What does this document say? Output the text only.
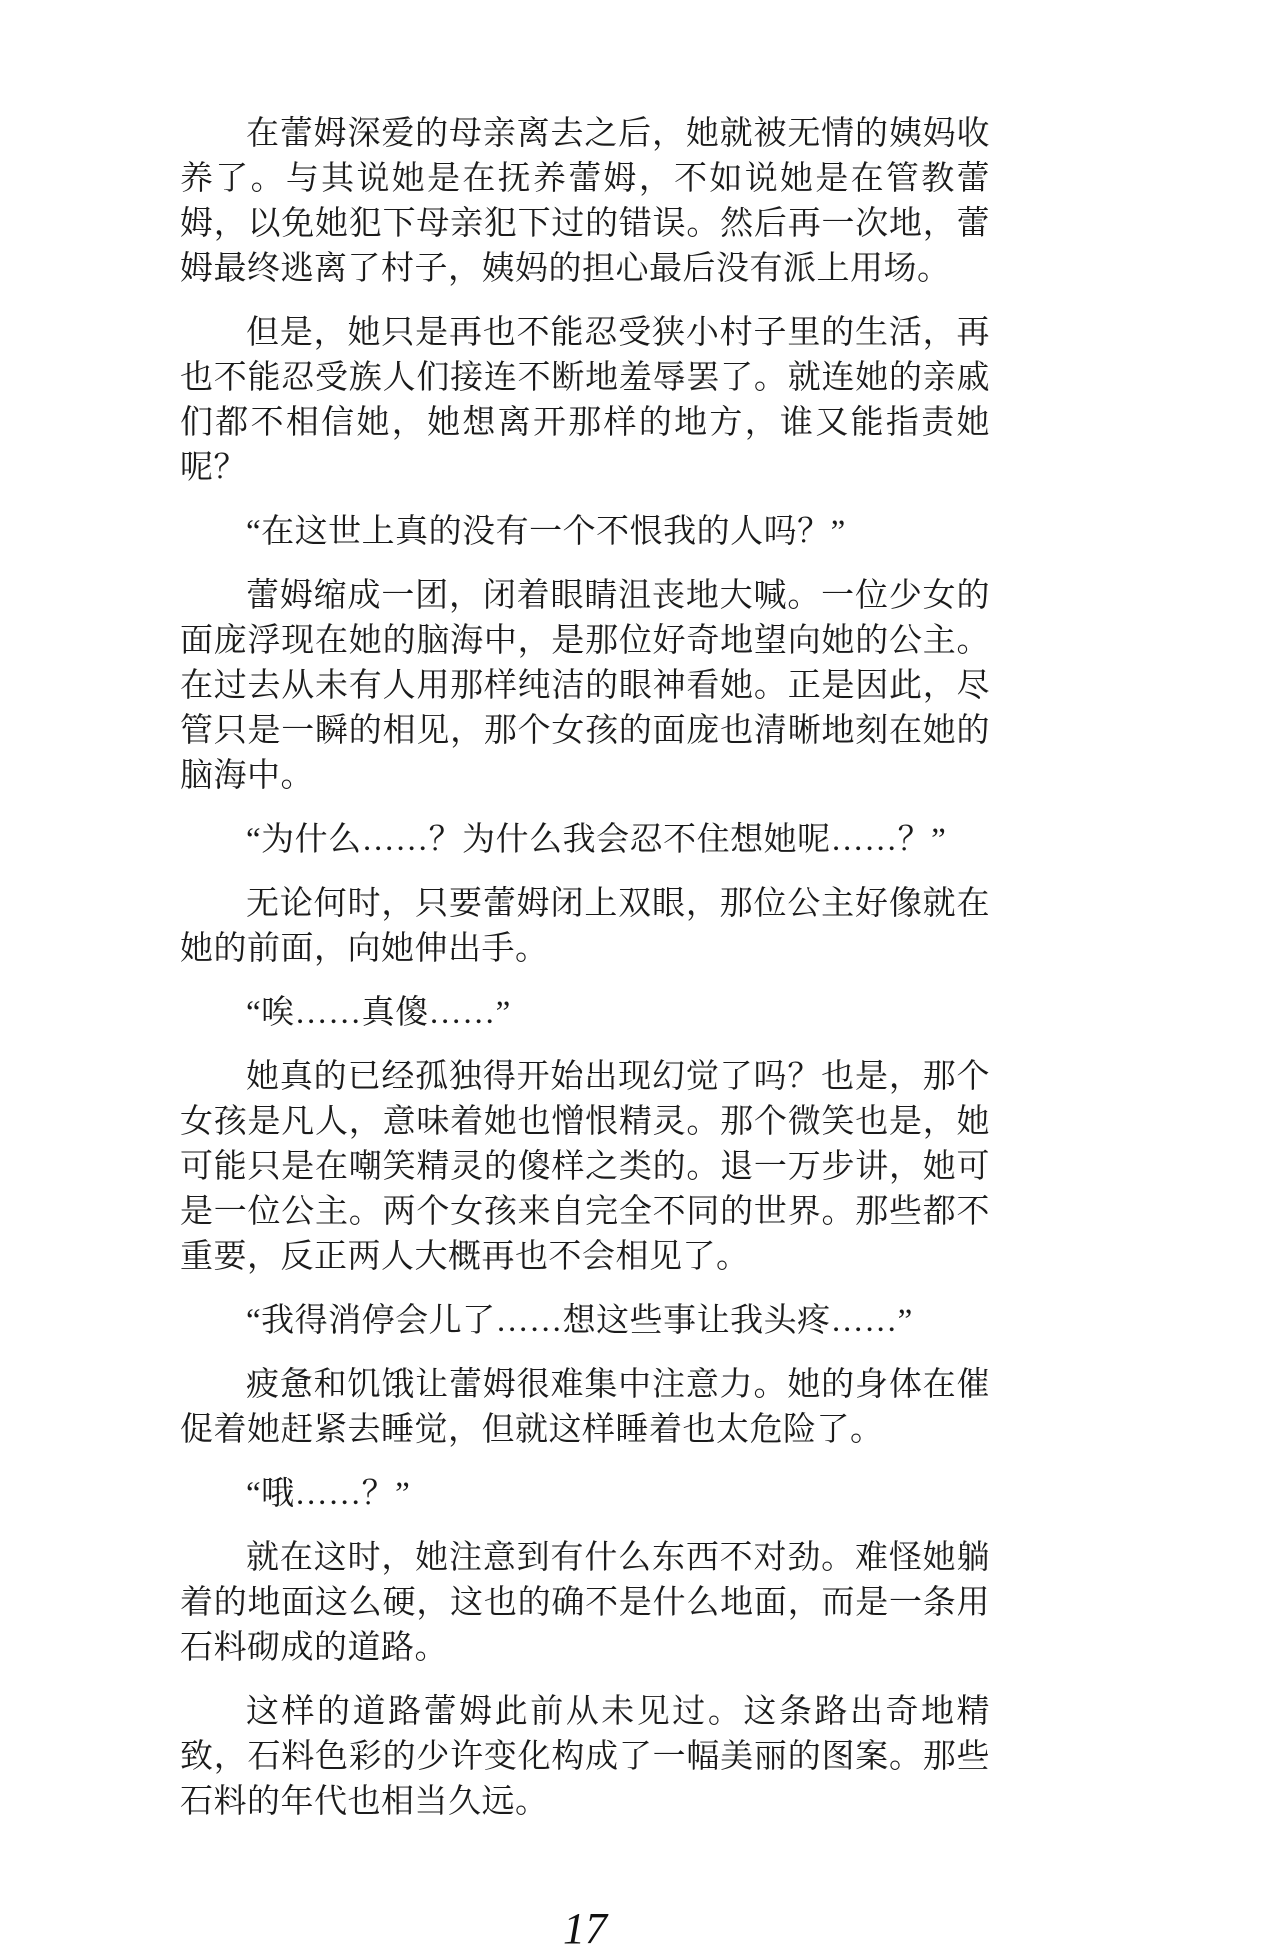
在蕾姆深爱的母亲离去之后，她就被无情的姨妈收养了。与其说她是在抚养蕾姆，不如说她是在管教蕾姆，以免她犯下母亲犯下过的错误。然后再一次地，蕾姆最终逃离了村子，姨妈的担心最后没有派上用场。

但是，她只是再也不能忍受狭小村子里的生活，再也不能忍受族人们接连不断地羞辱罢了。就连她的亲戚们都不相信她，她想离开那样的地方，谁又能指责她呢？

“在这世上真的没有一个不恨我的人吗？”

蕾姆缩成一团，闭着眼睛沮丧地大喊。一位少女的面庞浮现在她的脑海中，是那位好奇地望向她的公主。在过去从未有人用那样纯洁的眼神看她。正是因此，尽管只是一瞬的相见，那个女孩的面庞也清晰地刻在她的脑海中。

“为什么……？为什么我会忍不住想她呢……？”

无论何时，只要蕾姆闭上双眼，那位公主好像就在她的前面，向她伸出手。

“唉……真傻……”

她真的已经孤独得开始出现幻觉了吗？也是，那个女孩是凡人，意味着她也憎恨精灵。那个微笑也是，她可能只是在嘲笑精灵的傻样之类的。退一万步讲，她可是一位公主。两个女孩来自完全不同的世界。那些都不重要，反正两人大概再也不会相见了。

“我得消停会儿了……想这些事让我头疼……”

疲惫和饥饿让蕾姆很难集中注意力。她的身体在催促着她赶紧去睡觉，但就这样睡着也太危险了。

“哦……？”

就在这时，她注意到有什么东西不对劲。难怪她躺着的地面这么硬，这也的确不是什么地面，而是一条用石料砌成的道路。

这样的道路蕾姆此前从未见过。这条路出奇地精致，石料色彩的少许变化构成了一幅美丽的图案。那些石料的年代也相当久远。

17
